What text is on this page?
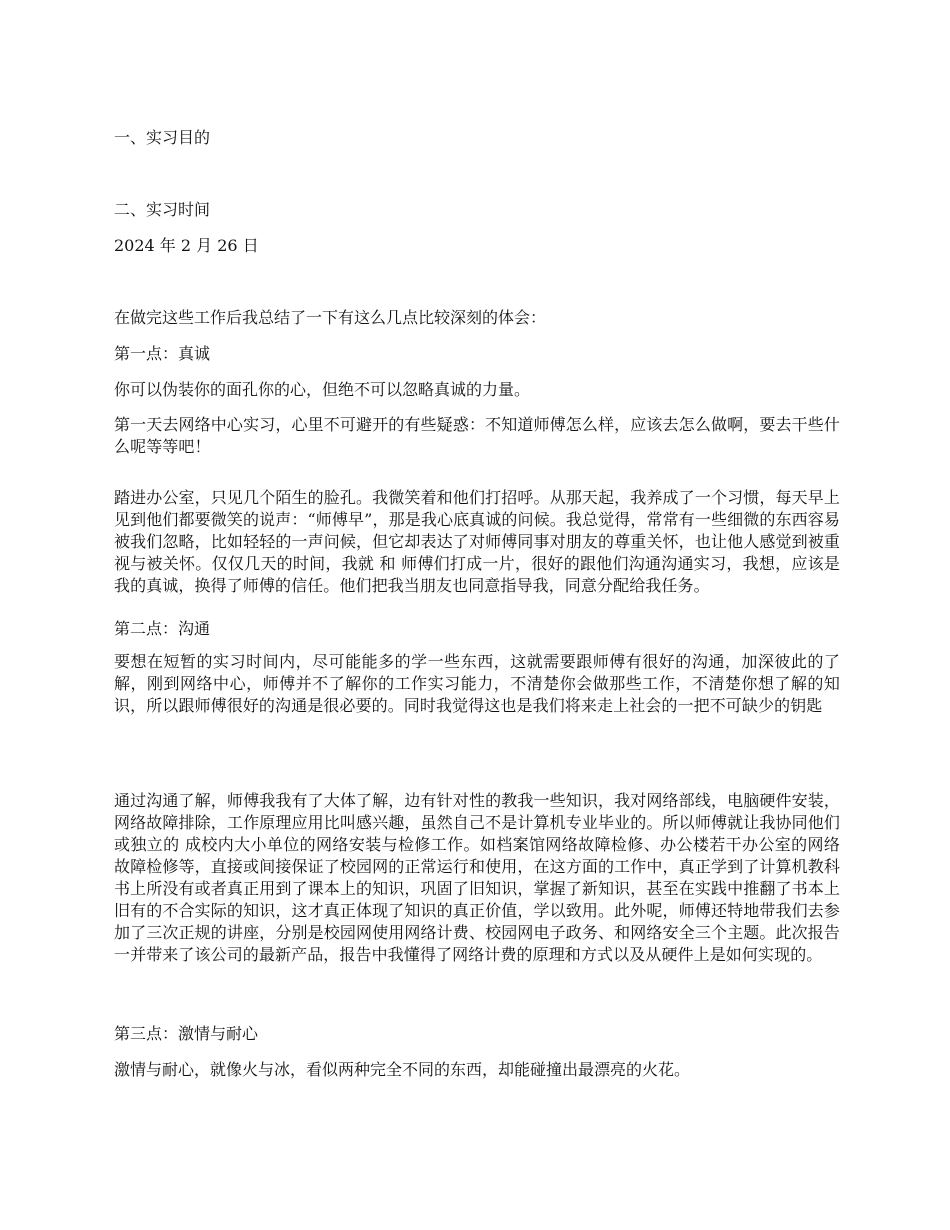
一、实习目的

二、实习时间

2024 年 2 月 26 日

在做完这些工作后我总结了一下有这么几点比较深刻的体会：

第一点：真诚

你可以伪装你的面孔你的心，但绝不可以忽略真诚的力量。

第一天去网络中心实习，心里不可避开的有些疑惑：不知道师傅怎么样，应该去怎么做啊，要去干些什么呢等等吧！

踏进办公室，只见几个陌生的脸孔。我微笑着和他们打招呼。从那天起，我养成了一个习惯，每天早上见到他们都要微笑的说声：“师傅早”，那是我心底真诚的问候。我总觉得，常常有一些细微的东西容易被我们忽略，比如轻轻的一声问候，但它却表达了对师傅同事对朋友的尊重关怀，也让他人感觉到被重视与被关怀。仅仅几天的时间，我就 和 师傅们打成一片，很好的跟他们沟通沟通实习，我想，应该是我的真诚，换得了师傅的信任。他们把我当朋友也同意指导我，同意分配给我任务。

第二点：沟通

要想在短暂的实习时间内，尽可能能多的学一些东西，这就需要跟师傅有很好的沟通，加深彼此的了解，刚到网络中心，师傅并不了解你的工作实习能力，不清楚你会做那些工作，不清楚你想了解的知识，所以跟师傅很好的沟通是很必要的。同时我觉得这也是我们将来走上社会的一把不可缺少的钥匙

通过沟通了解，师傅我我有了大体了解，边有针对性的教我一些知识，我对网络部线，电脑硬件安装，网络故障排除，工作原理应用比叫感兴趣，虽然自己不是计算机专业毕业的。所以师傅就让我协同他们或独立的 成校内大小单位的网络安装与检修工作。如档案馆网络故障检修、办公楼若干办公室的网络故障检修等，直接或间接保证了校园网的正常运行和使用，在这方面的工作中，真正学到了计算机教科书上所没有或者真正用到了课本上的知识，巩固了旧知识，掌握了新知识，甚至在实践中推翻了书本上旧有的不合实际的知识，这才真正体现了知识的真正价值，学以致用。此外呢，师傅还特地带我们去参加了三次正规的讲座，分别是校园网使用网络计费、校园网电子政务、和网络安全三个主题。此次报告一并带来了该公司的最新产品，报告中我懂得了网络计费的原理和方式以及从硬件上是如何实现的。

第三点：激情与耐心

激情与耐心，就像火与冰，看似两种完全不同的东西，却能碰撞出最漂亮的火花。
